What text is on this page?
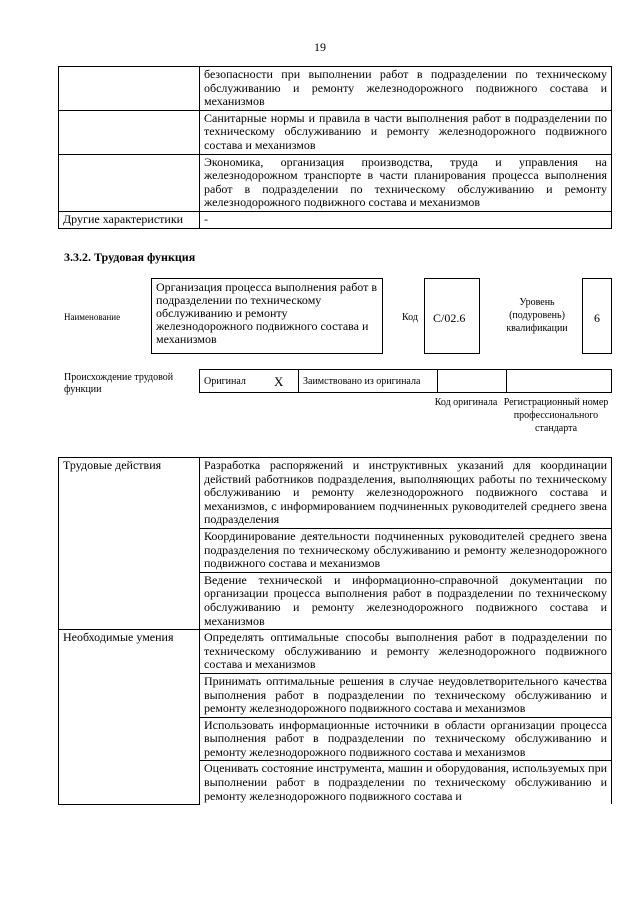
19
	безопасности при выполнении работ в подразделении по техническому обслуживанию и ремонту железнодорожного подвижного состава и механизмов
	Санитарные нормы и правила в части выполнения работ в подразделении по техническому обслуживанию и ремонту железнодорожного подвижного состава и механизмов
	Экономика, организация производства, труда и управления на железнодорожном транспорте в части планирования процесса выполнения работ в подразделении по техническому обслуживанию и ремонту железнодорожного подвижного состава и механизмов
Другие характеристики	-
3.3.2. Трудовая функция
Наименование
Организация процесса выполнения работ в подразделении по техническому обслуживанию и ремонту железнодорожного подвижного состава и механизмов
Код	C/02.6
Уровень (подуровень) квалификации
6
Происхождение трудовой функции
Оригинал	X	Заимствовано из оригинала		
Код оригинала Регистрационный номер профессионального стандарта
Трудовые действия	Разработка распоряжений и инструктивных указаний для координации действий работников подразделения, выполняющих работы по техническому обслуживанию и ремонту железнодорожного подвижного состава и механизмов, с информированием подчиненных руководителей среднего звена подразделения
	Координирование деятельности подчиненных руководителей среднего звена подразделения по техническому обслуживанию и ремонту железнодорожного подвижного состава и механизмов
	Ведение технической и информационно-справочной документации по организации процесса выполнения работ в подразделении по техническому обслуживанию и ремонту железнодорожного подвижного состава и механизмов
Необходимые умения	Определять оптимальные способы выполнения работ в подразделении по техническому обслуживанию и ремонту железнодорожного подвижного состава и механизмов
	Принимать оптимальные решения в случае неудовлетворительного качества выполнения работ в подразделении по техническому обслуживанию и ремонту железнодорожного подвижного состава и механизмов
	Использовать информационные источники в области организации процесса выполнения работ в подразделении по техническому обслуживанию и ремонту железнодорожного подвижного состава и механизмов
	Оценивать состояние инструмента, машин и оборудования, используемых при выполнении работ в подразделении по техническому обслуживанию и ремонту железнодорожного подвижного состава и
